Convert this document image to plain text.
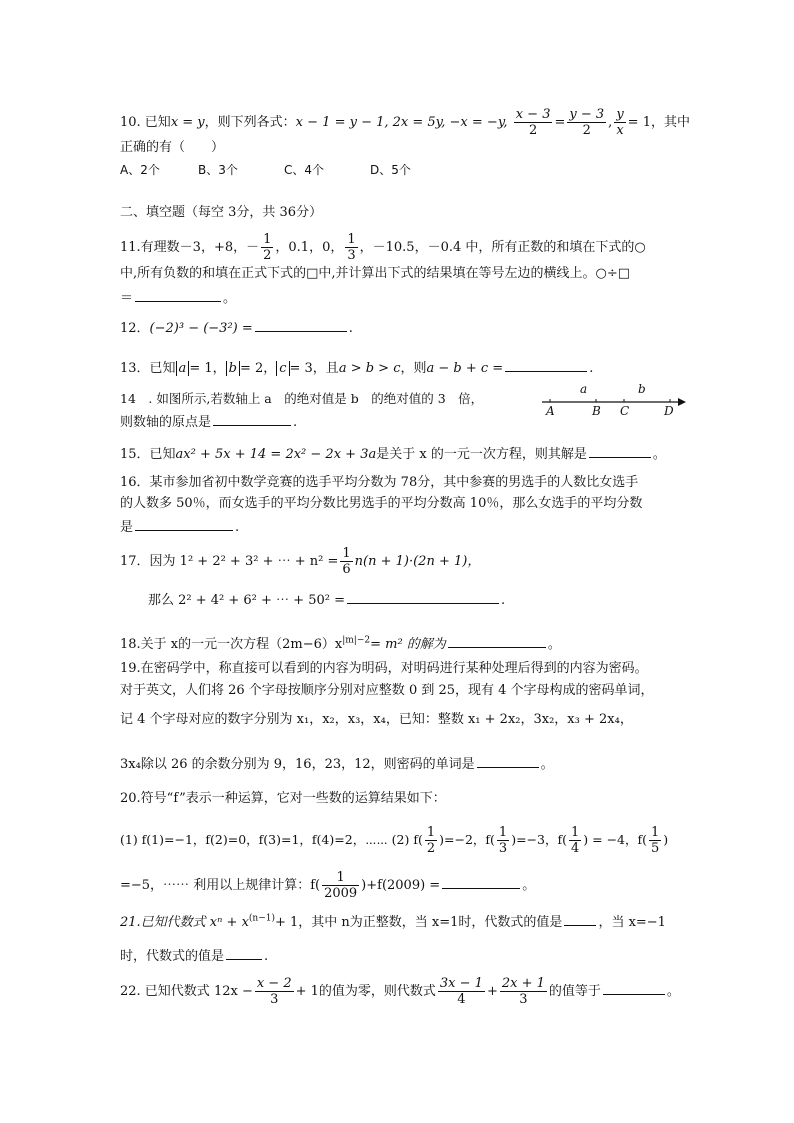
10. 已知x = y，则下列各式：x − 1 = y − 1, 2x = 5y, −x = −y, $\frac{x - 3}{2} = \frac{y - 3}{2}$ , $\frac{y}{x} = 1$，其中
正确的有（　　）
A、2个	B、3个	C、4个	D、5个
二、填空题（每空 3分，共 36分）
11.有理数－3，+8，－ $\frac{1}{2}$ ，0.1，0， $\frac{1}{3}$ ，－10.5，－0.4 中，所有正数的和填在下式的○
中,所有负数的和填在正式下式的□中,并计算出下式的结果填在等号左边的横线上。○÷□
＝	。
12．(−2)³ − (−3²) =	.
13．已知 a = 1， b = 2， c = 3，且a > b > c，则a − b + c =	.
14　. 如图所示,若数轴上 a　的绝对值是 b　的绝对值的 3　倍，
则数轴的原点是	.
a	b
A	B C	D
15．已知ax² + 5x + 14 = 2x² − 2x + 3a是关于 x 的一元一次方程，则其解是	。
16．某市参加省初中数学竞赛的选手平均分数为 78分，其中参赛的男选手的人数比女选手
的人数多 50％，而女选手的平均分数比男选手的平均分数高 10％，那么女选手的平均分数
是	.
17．因为 1² + 2² + 3² + ⋯ + $n^2 = \frac{1}{6} n(n + 1)\cdot(2n + 1)$，
那么 2² + 4² + 6² + ⋯ + 50² =	.
18.关于 x的一元一次方程$(2m-6)x^{|m|-2}= m^2$ 的解为	。
19.在密码学中，称直接可以看到的内容为明码，对明码进行某种处理后得到的内容为密码。
对于英文，人们将 26 个字母按顺序分别对应整数 0 到 25，现有 4 个字母构成的密码单词，
记 4 个字母对应的数字分别为 x₁，x₂，x₃，x₄，已知：整数 x₁ + 2x₂，3x₂，x₃ + 2x₄，
3x₄除以 26 的余数分别为 9，16，23，12，则密码的单词是	。
20.符号“f”表示一种运算，它对一些数的运算结果如下：
(1) f(1)=−1，f(2)=0，f(3)=1，f(4)=2，⋯⋯ (2) $f( \frac{1}{2} )=-2$，$f( \frac{1}{3} )=-3$，$f( \frac{1}{4}$ ) = −4，$f( \frac{1}{5}$ )
=−5，⋯⋯ 利用以上规律计算：$f( \frac{1}{2009} )+f(2009)$ =	。
21.已知代数式 $x^n + x^{(n-1)}+ 1$，其中 n为正整数，当 x=1时，代数式的值是	，当 x=−1
时，代数式的值是	.
22. 已知代数式 $12x - \frac{x - 2}{3} + 1$的值为零，则代数式 $\frac{3x - 1}{4} + \frac{2x + 1}{3}$ 的值等于	。
